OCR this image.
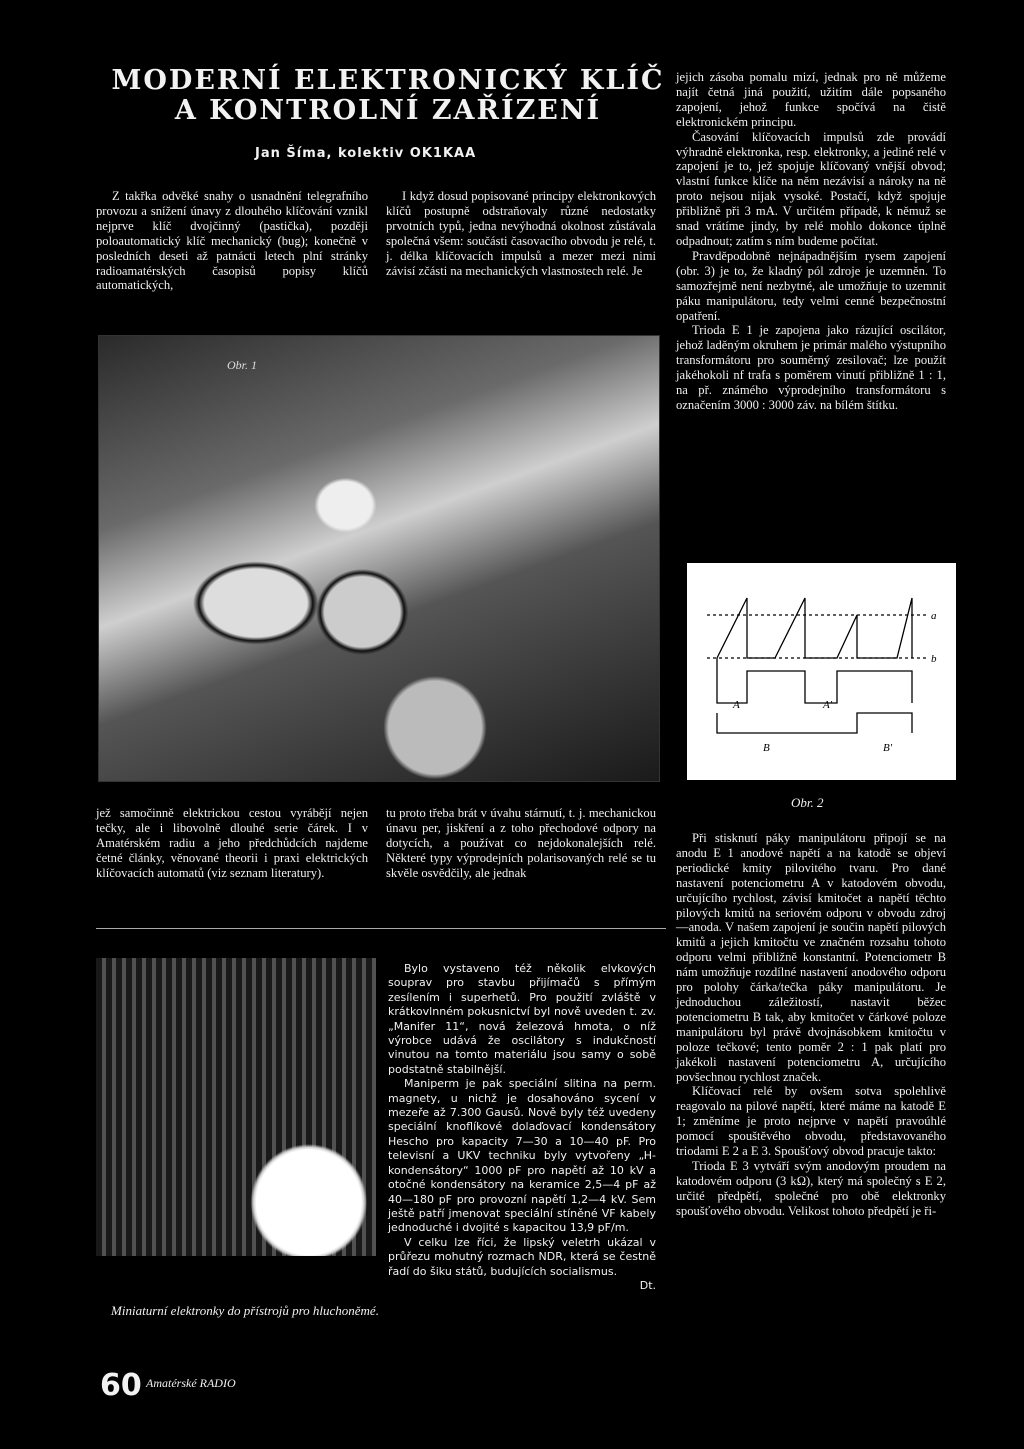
MODERNÍ ELEKTRONICKÝ KLÍČ
A KONTROLNÍ ZAŘÍZENÍ
Jan Šíma, kolektiv OK1KAA

Z takřka odvěké snahy o usnadnění telegrafního provozu a snížení únavy z dlouhého klíčování vznikl nejprve klíč dvojčinný (pastička), později poloautomatický klíč mechanický (bug); konečně v posledních deseti až patnácti letech plní stránky radioamatérských časopisů popisy klíčů automatických,

I když dosud popisované principy elektronkových klíčů postupně odstraňovaly různé nedostatky prvotních typů, jedna nevýhodná okolnost zůstávala společná všem: součásti časovacího obvodu je relé, t. j. délka klíčovacích impulsů a mezer mezi nimi závisí zčásti na mechanických vlastnostech relé. Je

jejich zásoba pomalu mizí, jednak pro ně můžeme najít četná jiná použití, užitím dále popsaného zapojení, jehož funkce spočívá na čistě elektronickém principu.

Časování klíčovacích impulsů zde provádí výhradně elektronka, resp. elektronky, a jediné relé v zapojení je to, jež spojuje klíčovaný vnější obvod; vlastní funkce klíče na něm nezávisí a nároky na ně proto nejsou nijak vysoké. Postačí, když spojuje přibližně při 3 mA. V určitém případě, k němuž se snad vrátíme jindy, by relé mohlo dokonce úplně odpadnout; zatím s ním budeme počítat.

Pravděpodobně nejnápadnějším rysem zapojení (obr. 3) je to, že kladný pól zdroje je uzemněn. To samozřejmě není nezbytné, ale umožňuje to uzemnit páku manipulátoru, tedy velmi cenné bezpečnostní opatření.

Trioda E 1 je zapojena jako rázující oscilátor, jehož laděným okruhem je primár malého výstupního transformátoru pro souměrný zesilovač; lze použít jakéhokoli nf trafa s poměrem vinutí přibližně 1 : 1, na př. známého výprodejního transformátoru s označením 3000 : 3000 záv. na bílém štítku.

Obr. 1
a
b
A	A'
B	B'
Obr. 2

jež samočinně elektrickou cestou vyrábějí nejen tečky, ale i libovolně dlouhé serie čárek. I v Amatérském radiu a jeho předchůdcích najdeme četné články, věnované theorii i praxi elektrických klíčovacích automatů (viz seznam literatury).

tu proto třeba brát v úvahu stárnutí, t. j. mechanickou únavu per, jiskření a z toho přechodové odpory na dotycích, a používat co nejdokonalejších relé. Některé typy výprodejních polarisovaných relé se tu skvěle osvědčily, ale jednak

Při stisknutí páky manipulátoru připojí se na anodu E 1 anodové napětí a na katodě se objeví periodické kmity pilovitého tvaru. Pro dané nastavení potenciometru A v katodovém obvodu, určujícího rychlost, závisí kmitočet a napětí těchto pilových kmitů na seriovém odporu v obvodu zdroj—anoda. V našem zapojení je součin napětí pilových kmitů a jejich kmitočtu ve značném rozsahu tohoto odporu velmi přibližně konstantní. Potenciometr B nám umožňuje rozdílné nastavení anodového odporu pro polohy čárka/tečka páky manipulátoru. Je jednoduchou záležitostí, nastavit běžec potenciometru B tak, aby kmitočet v čárkové poloze manipulátoru byl právě dvojnásobkem kmitočtu v poloze tečkové; tento poměr 2 : 1 pak platí pro jakékoli nastavení potenciometru A, určujícího povšechnou rychlost značek.

Klíčovací relé by ovšem sotva spolehlivě reagovalo na pilové napětí, které máme na katodě E 1; změníme je proto nejprve v napětí pravoúhlé pomocí spouštěvého obvodu, představovaného triodami E 2 a E 3. Spoušťový obvod pracuje takto:

Trioda E 3 vytváří svým anodovým proudem na katodovém odporu (3 kΩ), který má společný s E 2, určité předpětí, společné pro obě elektronky spoušťového obvodu. Velikost tohoto předpětí je ři-

Miniaturní elektronky do přístrojů pro hluchoněmé.

Bylo vystaveno též několik elvkových souprav pro stavbu přijímačů s přímým zesílením i superhetů. Pro použití zvláště v krátkovlnném pokusnictví byl nově uveden t. zv. „Manifer 11“, nová železová hmota, o níž výrobce udává že oscilátory s indukčností vinutou na tomto materiálu jsou samy o sobě podstatně stabilnější.

Maniperm je pak speciální slitina na perm. magnety, u nichž je dosahováno sycení v mezeře až 7.300 Gausů. Nově byly též uvedeny speciální knoflíkové dolaďovací kondensátory Hescho pro kapacity 7—30 a 10—40 pF. Pro televisní a UKV techniku byly vytvořeny „H-kondensátory“ 1000 pF pro napětí až 10 kV a otočné kondensátory na keramice 2,5—4 pF až 40—180 pF pro provozní napětí 1,2—4 kV. Sem ještě patří jmenovat speciální stíněné VF kabely jednoduché i dvojité s kapacitou 13,9 pF/m.

V celku lze říci, že lipský veletrh ukázal v průřezu mohutný rozmach NDR, která se čestně řadí do šiku států, budujících socialismus.

Dt.

60 Amatérské RADIO
